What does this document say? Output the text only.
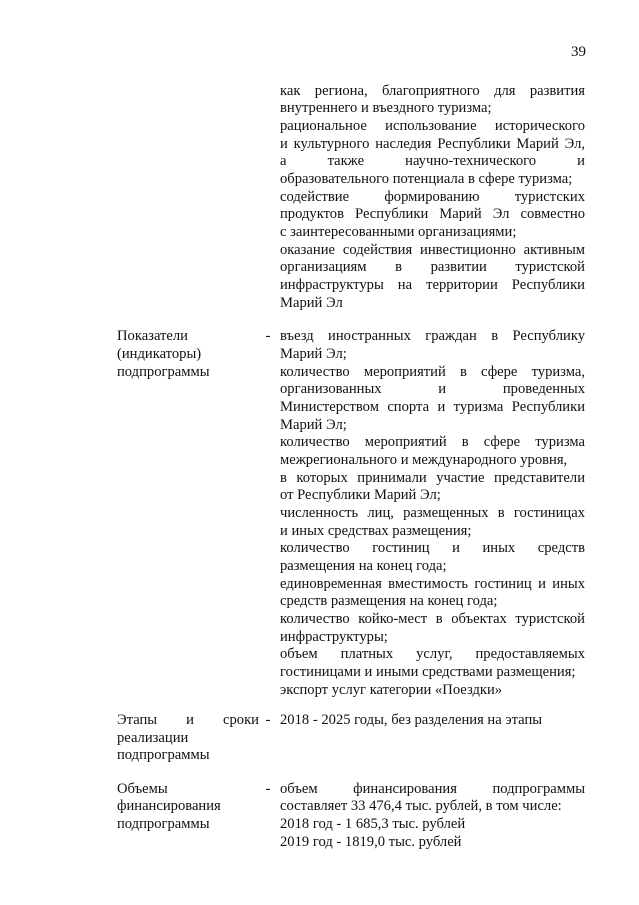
39
как региона, благоприятного для развития
внутреннего и въездного туризма;
рациональное использование исторического
и культурного наследия Республики Марий Эл,
а также научно-технического и
образовательного потенциала в сфере туризма;
содействие формированию туристских
продуктов Республики Марий Эл совместно
с заинтересованными организациями;
оказание содействия инвестиционно активным
организациям в развитии туристской
инфраструктуры на территории Республики
Марий Эл
Показатели
(индикаторы)
подпрограммы
- въезд иностранных граждан в Республику
Марий Эл;
количество мероприятий в сфере туризма,
организованных и проведенных
Министерством спорта и туризма Республики
Марий Эл;
количество мероприятий в сфере туризма
межрегионального и международного уровня,
в которых принимали участие представители
от Республики Марий Эл;
численность лиц, размещенных в гостиницах
и иных средствах размещения;
количество гостиниц и иных средств
размещения на конец года;
единовременная вместимость гостиниц и иных
средств размещения на конец года;
количество койко-мест в объектах туристской
инфраструктуры;
объем платных услуг, предоставляемых
гостиницами и иными средствами размещения;
экспорт услуг категории «Поездки»
Этапы и сроки
реализации
подпрограммы
- 2018 - 2025 годы, без разделения на этапы
Объемы
финансирования
подпрограммы
- объем финансирования подпрограммы
составляет 33 476,4 тыс. рублей, в том числе:
2018 год - 1 685,3 тыс. рублей
2019 год - 1819,0 тыс. рублей
